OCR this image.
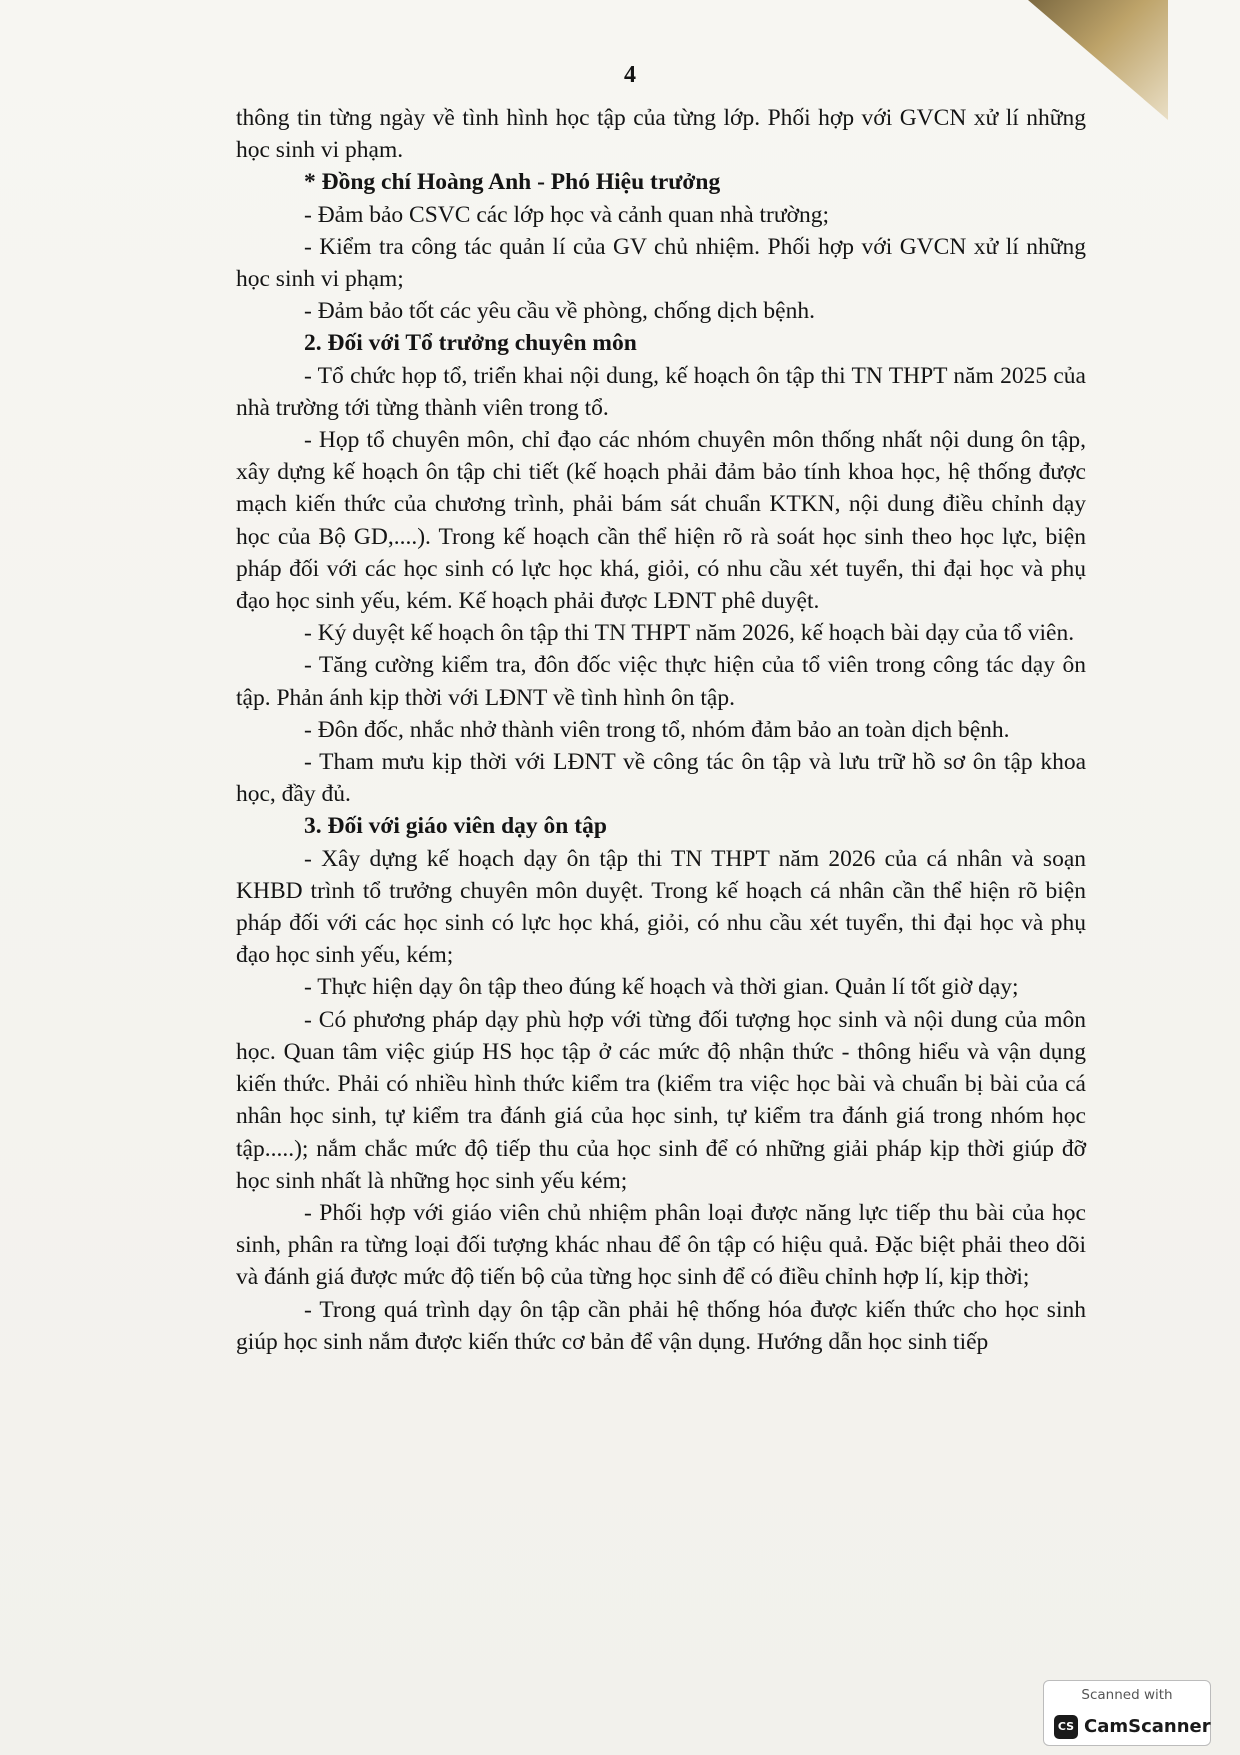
4

thông tin từng ngày về tình hình học tập của từng lớp. Phối hợp với GVCN xử lí những học sinh vi phạm.

* Đồng chí Hoàng Anh - Phó Hiệu trưởng

- Đảm bảo CSVC các lớp học và cảnh quan nhà trường;

- Kiểm tra công tác quản lí của GV chủ nhiệm. Phối hợp với GVCN xử lí những học sinh vi phạm;

- Đảm bảo tốt các yêu cầu về phòng, chống dịch bệnh.

2. Đối với Tổ trưởng chuyên môn

- Tổ chức họp tổ, triển khai nội dung, kế hoạch ôn tập thi TN THPT năm 2025 của nhà trường tới từng thành viên trong tổ.

- Họp tổ chuyên môn, chỉ đạo các nhóm chuyên môn thống nhất nội dung ôn tập, xây dựng kế hoạch ôn tập chi tiết (kế hoạch phải đảm bảo tính khoa học, hệ thống được mạch kiến thức của chương trình, phải bám sát chuẩn KTKN, nội dung điều chỉnh dạy học của Bộ GD,....). Trong kế hoạch cần thể hiện rõ rà soát học sinh theo học lực, biện pháp đối với các học sinh có lực học khá, giỏi, có nhu cầu xét tuyển, thi đại học và phụ đạo học sinh yếu, kém. Kế hoạch phải được LĐNT phê duyệt.

- Ký duyệt kế hoạch ôn tập thi TN THPT năm 2026, kế hoạch bài dạy của tổ viên.

- Tăng cường kiểm tra, đôn đốc việc thực hiện của tổ viên trong công tác dạy ôn tập. Phản ánh kịp thời với LĐNT về tình hình ôn tập.

- Đôn đốc, nhắc nhở thành viên trong tổ, nhóm đảm bảo an toàn dịch bệnh.

- Tham mưu kịp thời với LĐNT về công tác ôn tập và lưu trữ hồ sơ ôn tập khoa học, đầy đủ.

3. Đối với giáo viên dạy ôn tập

- Xây dựng kế hoạch dạy ôn tập thi TN THPT năm 2026 của cá nhân và soạn KHBD trình tổ trưởng chuyên môn duyệt. Trong kế hoạch cá nhân cần thể hiện rõ biện pháp đối với các học sinh có lực học khá, giỏi, có nhu cầu xét tuyển, thi đại học và phụ đạo học sinh yếu, kém;

- Thực hiện dạy ôn tập theo đúng kế hoạch và thời gian. Quản lí tốt giờ dạy;

- Có phương pháp dạy phù hợp với từng đối tượng học sinh và nội dung của môn học. Quan tâm việc giúp HS học tập ở các mức độ nhận thức - thông hiểu và vận dụng kiến thức. Phải có nhiều hình thức kiểm tra (kiểm tra việc học bài và chuẩn bị bài của cá nhân học sinh, tự kiểm tra đánh giá của học sinh, tự kiểm tra đánh giá trong nhóm học tập.....); nắm chắc mức độ tiếp thu của học sinh để có những giải pháp kịp thời giúp đỡ học sinh nhất là những học sinh yếu kém;

- Phối hợp với giáo viên chủ nhiệm phân loại được năng lực tiếp thu bài của học sinh, phân ra từng loại đối tượng khác nhau để ôn tập có hiệu quả. Đặc biệt phải theo dõi và đánh giá được mức độ tiến bộ của từng học sinh để có điều chỉnh hợp lí, kịp thời;

- Trong quá trình dạy ôn tập cần phải hệ thống hóa được kiến thức cho học sinh giúp học sinh nắm được kiến thức cơ bản để vận dụng. Hướng dẫn học sinh tiếp

Scanned with
CS CamScanner
